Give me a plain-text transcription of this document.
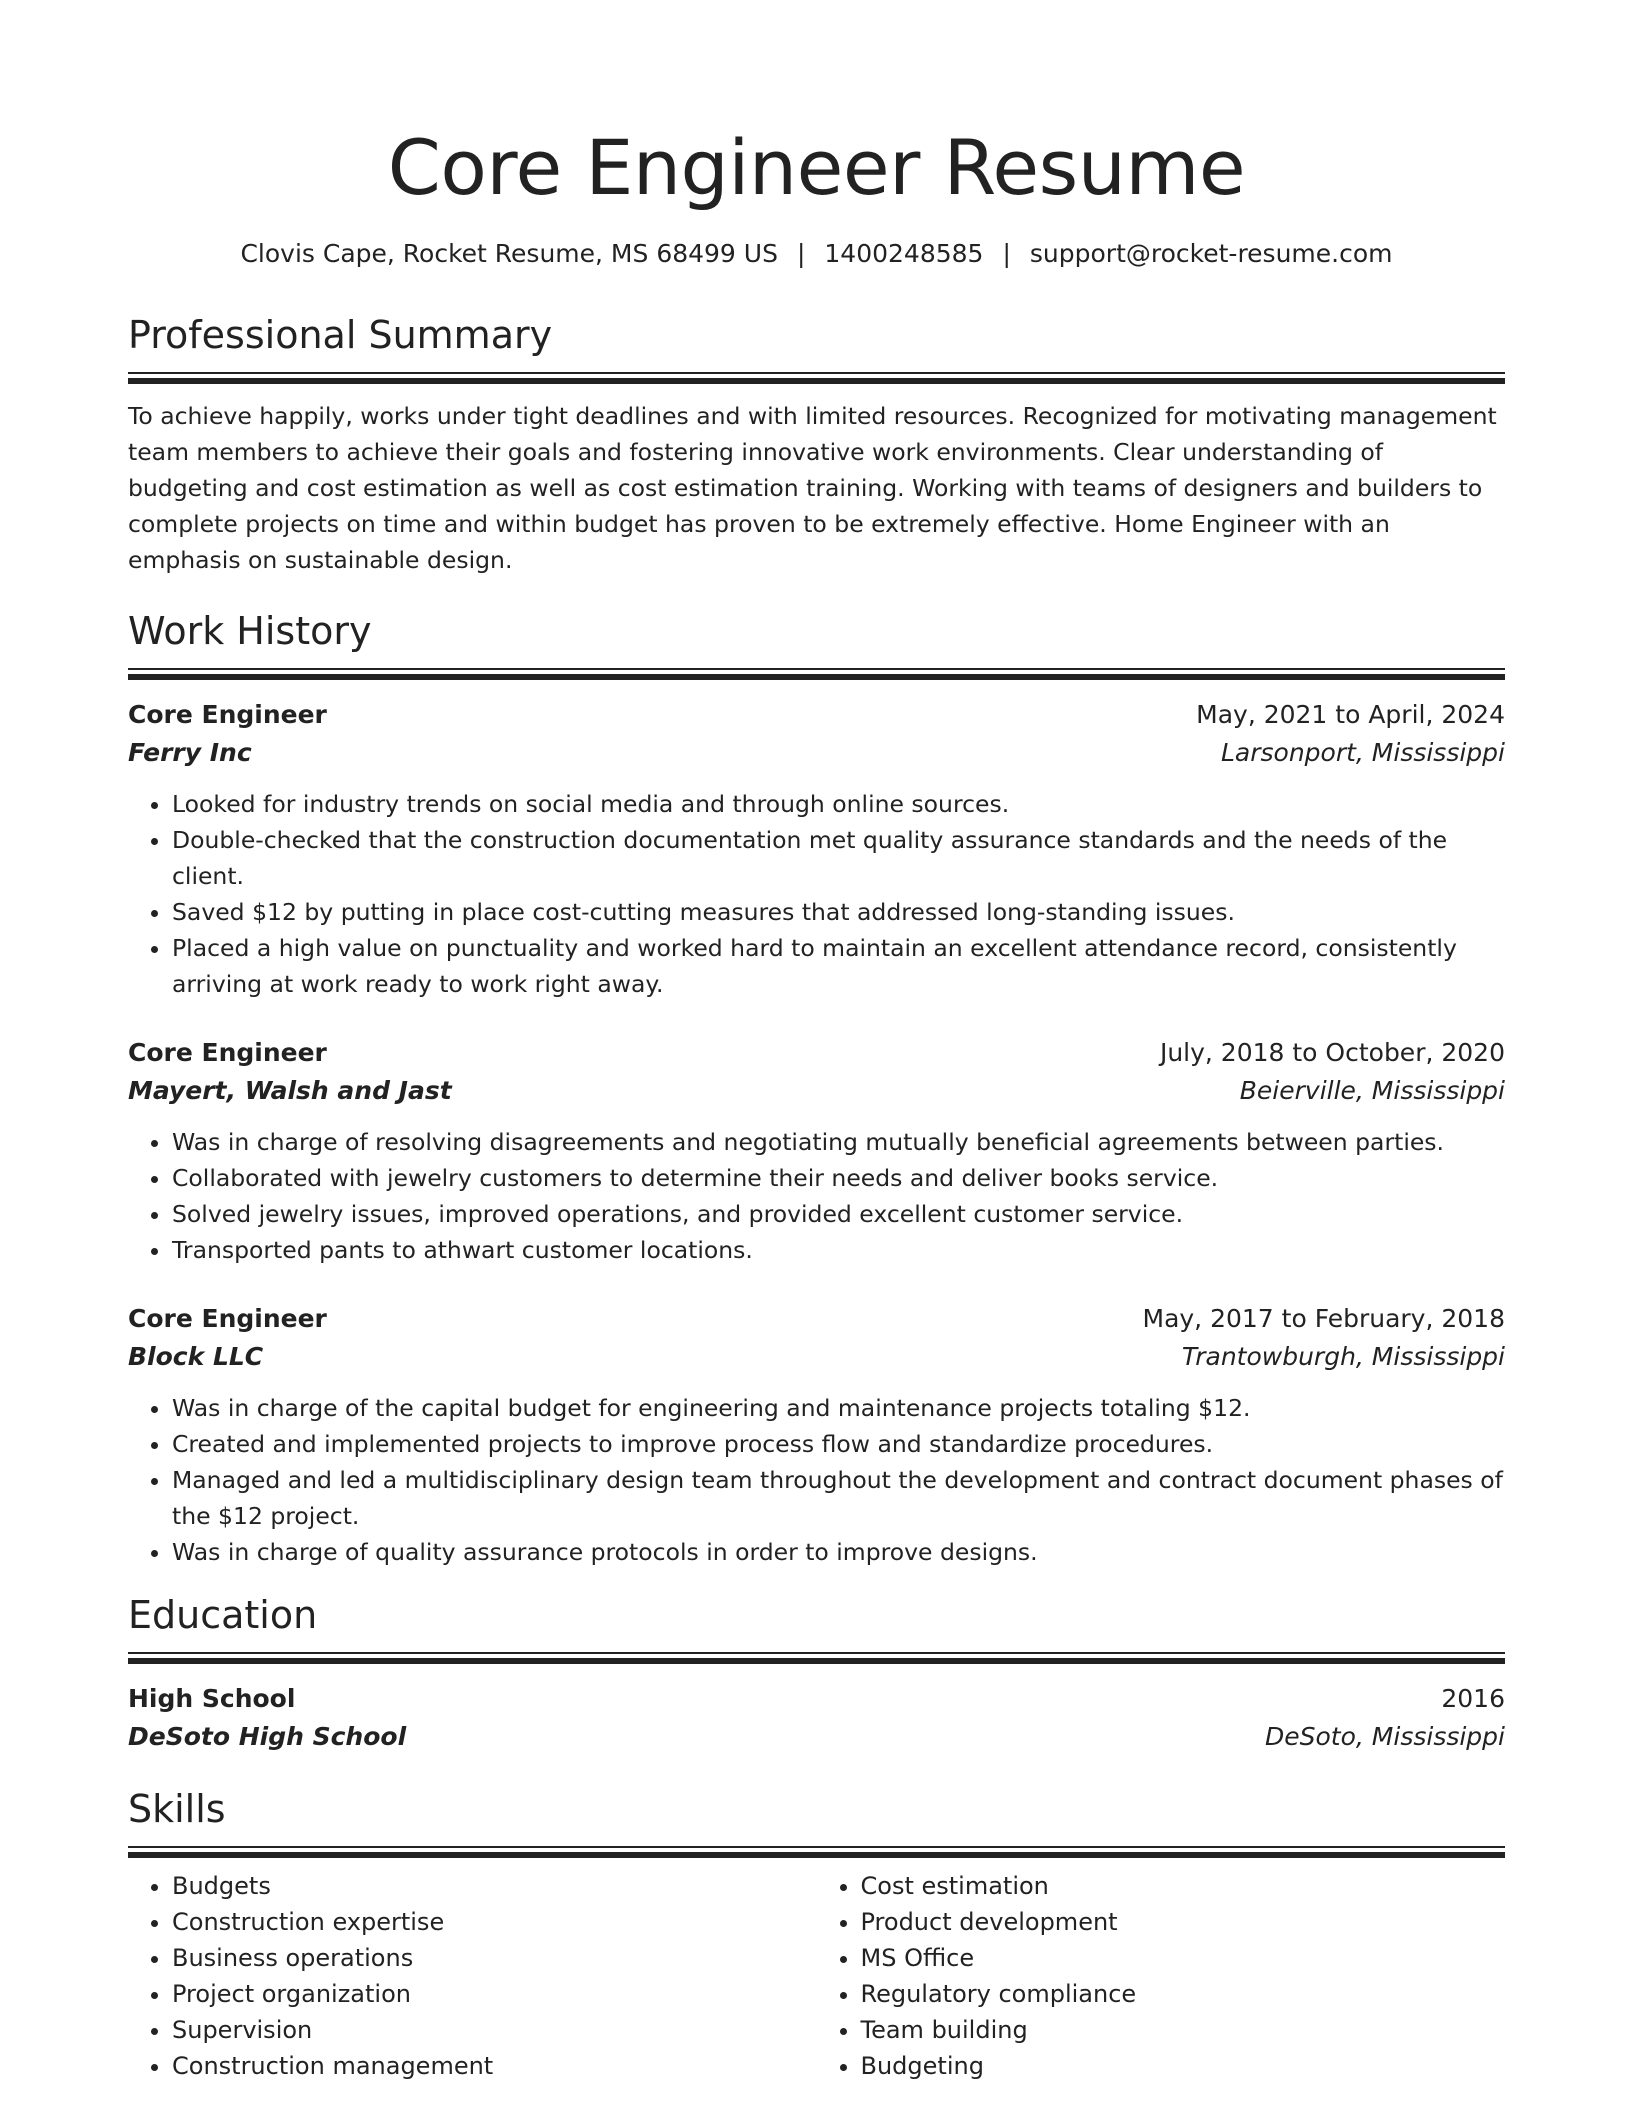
Core Engineer Resume
Clovis Cape, Rocket Resume, MS 68499 US | 1400248585 | support@rocket-resume.com
Professional Summary

To achieve happily, works under tight deadlines and with limited resources. Recognized for motivating management team members to achieve their goals and fostering innovative work environments. Clear understanding of budgeting and cost estimation as well as cost estimation training. Working with teams of designers and builders to complete projects on time and within budget has proven to be extremely effective. Home Engineer with an emphasis on sustainable design.

Work History
Core Engineer	May, 2021 to April, 2024
Ferry Inc	Larsonport, Mississippi
• Looked for industry trends on social media and through online sources.
• Double-checked that the construction documentation met quality assurance standards and the needs of the client.
• Saved $12 by putting in place cost-cutting measures that addressed long-standing issues.
• Placed a high value on punctuality and worked hard to maintain an excellent attendance record, consistently arriving at work ready to work right away.
Core Engineer	July, 2018 to October, 2020
Mayert, Walsh and Jast	Beierville, Mississippi
• Was in charge of resolving disagreements and negotiating mutually beneficial agreements between parties.
• Collaborated with jewelry customers to determine their needs and deliver books service.
• Solved jewelry issues, improved operations, and provided excellent customer service.
• Transported pants to athwart customer locations.
Core Engineer	May, 2017 to February, 2018
Block LLC	Trantowburgh, Mississippi
• Was in charge of the capital budget for engineering and maintenance projects totaling $12.
• Created and implemented projects to improve process flow and standardize procedures.
• Managed and led a multidisciplinary design team throughout the development and contract document phases of the $12 project.
• Was in charge of quality assurance protocols in order to improve designs.
Education
High School	2016
DeSoto High School	DeSoto, Mississippi
Skills
• Budgets
• Construction expertise
• Business operations
• Project organization
• Supervision
• Construction management
• Cost estimation
• Product development
• MS Office
• Regulatory compliance
• Team building
• Budgeting
